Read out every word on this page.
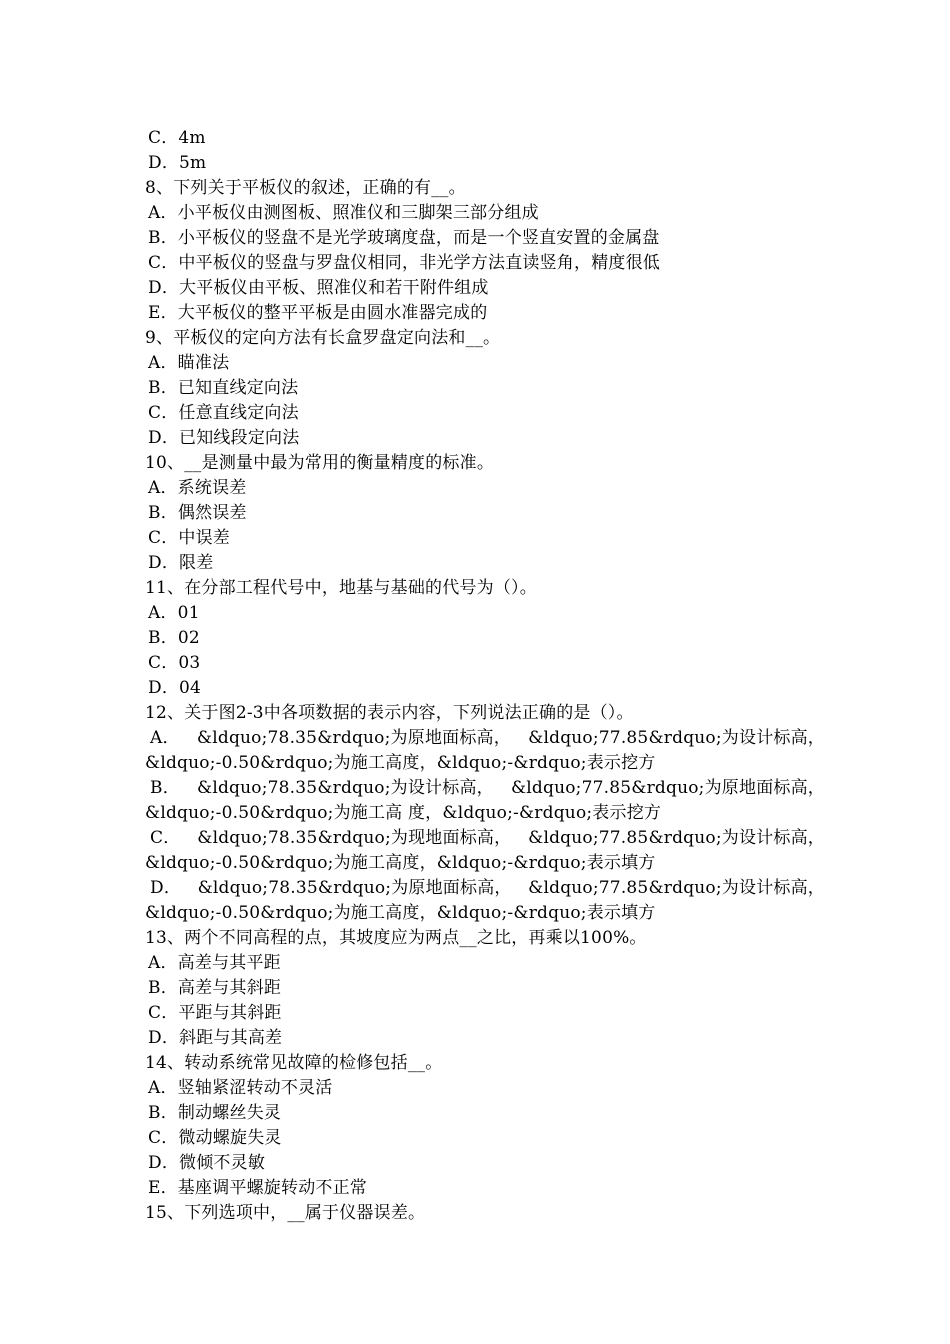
C．4m
D．5m
8、下列关于平板仪的叙述，正确的有__。
A．小平板仪由测图板、照准仪和三脚架三部分组成
B．小平板仪的竖盘不是光学玻璃度盘，而是一个竖直安置的金属盘
C．中平板仪的竖盘与罗盘仪相同，非光学方法直读竖角，精度很低
D．大平板仪由平板、照准仪和若干附件组成
E．大平板仪的整平平板是由圆水准器完成的
9、平板仪的定向方法有长盒罗盘定向法和__。
A．瞄准法
B．已知直线定向法
C．任意直线定向法
D．已知线段定向法
10、__是测量中最为常用的衡量精度的标准。
A．系统误差
B．偶然误差
C．中误差
D．限差
11、在分部工程代号中，地基与基础的代号为（）。
A．01
B．02
C．03
D．04
12、关于图2-3中各项数据的表示内容，下列说法正确的是（）。
A． &ldquo;78.35&rdquo;为原地面标高， &ldquo;77.85&rdquo;为设计标高，
&ldquo;-0.50&rdquo;为施工高度，&ldquo;-&rdquo;表示挖方
B． &ldquo;78.35&rdquo;为设计标高， &ldquo;77.85&rdquo;为原地面标高，
&ldquo;-0.50&rdquo;为施工高 度，&ldquo;-&rdquo;表示挖方
C． &ldquo;78.35&rdquo;为现地面标高， &ldquo;77.85&rdquo;为设计标高，
&ldquo;-0.50&rdquo;为施工高度，&ldquo;-&rdquo;表示填方
D． &ldquo;78.35&rdquo;为原地面标高， &ldquo;77.85&rdquo;为设计标高，
&ldquo;-0.50&rdquo;为施工高度，&ldquo;-&rdquo;表示填方
13、两个不同高程的点，其坡度应为两点__之比，再乘以100%。
A．高差与其平距
B．高差与其斜距
C．平距与其斜距
D．斜距与其高差
14、转动系统常见故障的检修包括__。
A．竖轴紧涩转动不灵活
B．制动螺丝失灵
C．微动螺旋失灵
D．微倾不灵敏
E．基座调平螺旋转动不正常
15、下列选项中，__属于仪器误差。
